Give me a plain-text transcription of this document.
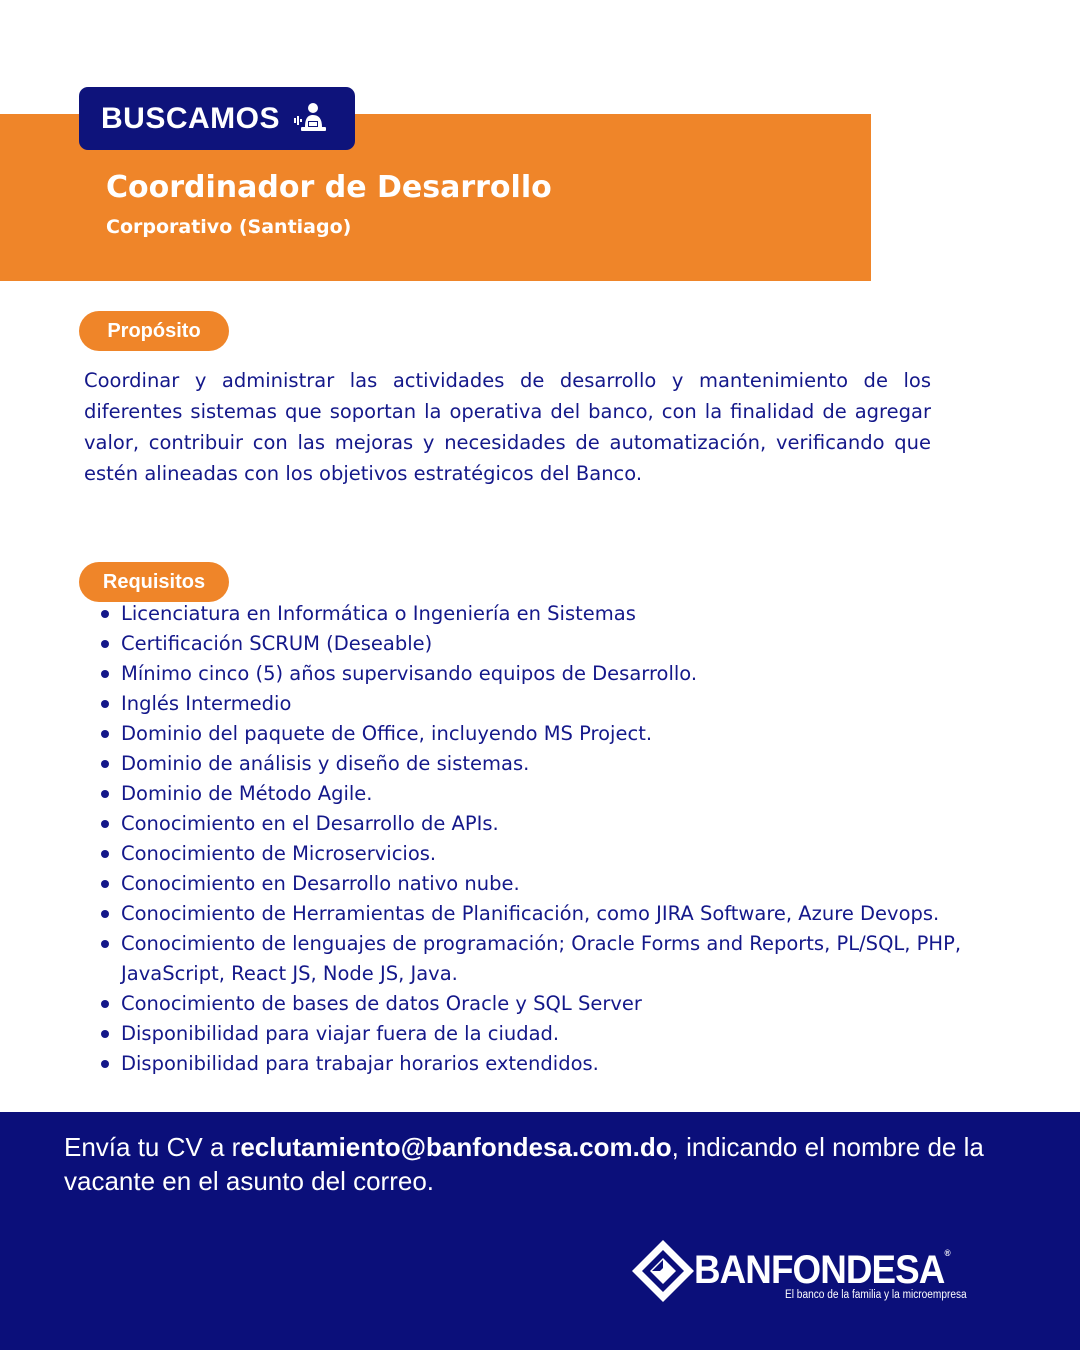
BUSCAMOS
Coordinador de Desarrollo
Corporativo (Santiago)
Propósito

Coordinar y administrar las actividades de desarrollo y mantenimiento de los diferentes sistemas que soportan la operativa del banco, con la finalidad de agregar valor, contribuir con las mejoras y necesidades de automatización, verificando que estén alineadas con los objetivos estratégicos del Banco.

Requisitos
Licenciatura en Informática o Ingeniería en Sistemas
Certificación SCRUM (Deseable)
Mínimo cinco (5) años supervisando equipos de Desarrollo.
Inglés Intermedio
Dominio del paquete de Office, incluyendo MS Project.
Dominio de análisis y diseño de sistemas.
Dominio de Método Agile.
Conocimiento en el Desarrollo de APIs.
Conocimiento de Microservicios.
Conocimiento en Desarrollo nativo nube.
Conocimiento de Herramientas de Planificación, como JIRA Software, Azure Devops.
Conocimiento de lenguajes de programación; Oracle Forms and Reports, PL/SQL, PHP, JavaScript, React JS, Node JS, Java.
Conocimiento de bases de datos Oracle y SQL Server
Disponibilidad para viajar fuera de la ciudad.
Disponibilidad para trabajar horarios extendidos.

Envía tu CV a reclutamiento@banfondesa.com.do, indicando el nombre de la vacante en el asunto del correo.

BANFONDESA®
El banco de la familia y la microempresa
